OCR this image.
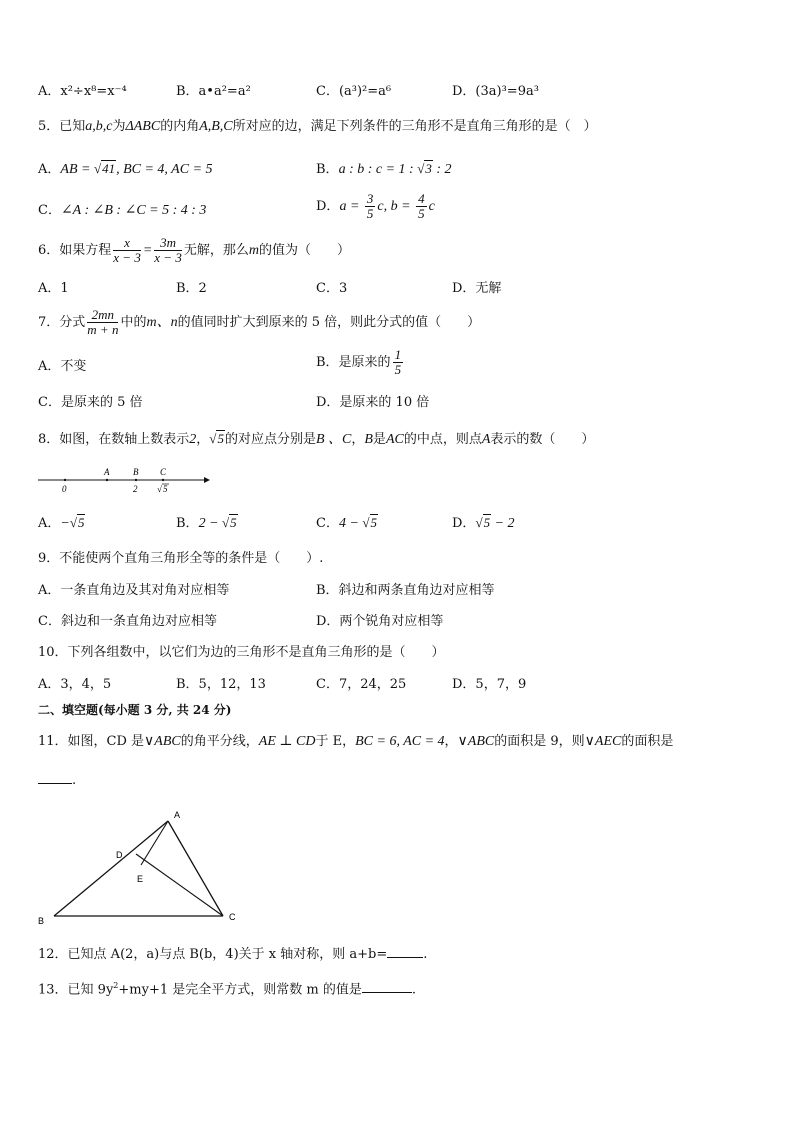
A．x²÷x⁸=x⁻⁴	B．a•a²=a²	C．(a³)²=a⁶	D．(3a)³=9a³
5．已知a,b,c为ΔABC的内角A,B,C所对应的边，满足下列条件的三角形不是直角三角形的是（　）
A．AB = √41, BC = 4, AC = 5	B．a : b : c = 1 : √3 : 2
C．∠A : ∠B : ∠C = 5 : 4 : 3	D．$a = \frac{3}{5} c$, $b = \frac{4}{5}$ c
6．如果方程 $\frac{x}{x - 3} = \frac{3m}{x - 3}$ 无解，那么m的值为（　　）
A．1	B．2	C．3	D．无解
7．分式 $\frac{2mn}{m + n}$ 中的m、n的值同时扩大到原来的 5 倍，则此分式的值（　　）
A．不变	B．是原来的 $\frac{1}{5}$
C．是原来的 5 倍	D．是原来的 10 倍
8．如图，在数轴上数表示2，√5的对应点分别是B 、C，B是AC的中点，则点A表示的数（　　）
A	B C
0	2 √ 5
A．−√5	B．2 − √5	C．4 − √5	D．√5 − 2
9．不能使两个直角三角形全等的条件是（　　）.
A．一条直角边及其对角对应相等	B．斜边和两条直角边对应相等
C．斜边和一条直角边对应相等	D．两个锐角对应相等
10．下列各组数中，以它们为边的三角形不是直角三角形的是（　　）
A．3，4，5	B．5，12，13	C．7，24，25	D．5，7，9
二、填空题(每小题 3 分, 共 24 分)
11．如图，CD 是∨ABC的角平分线，AE ⊥ CD于 E，BC = 6, AC = 4，∨ABC的面积是 9，则∨AEC的面积是
.
A
B	C
D
E
12．已知点 A(2，a)与点 B(b，4)关于 x 轴对称，则 a+b=	.
13．已知 $9y^2+my+1$ 是完全平方式，则常数 m 的值是	.
